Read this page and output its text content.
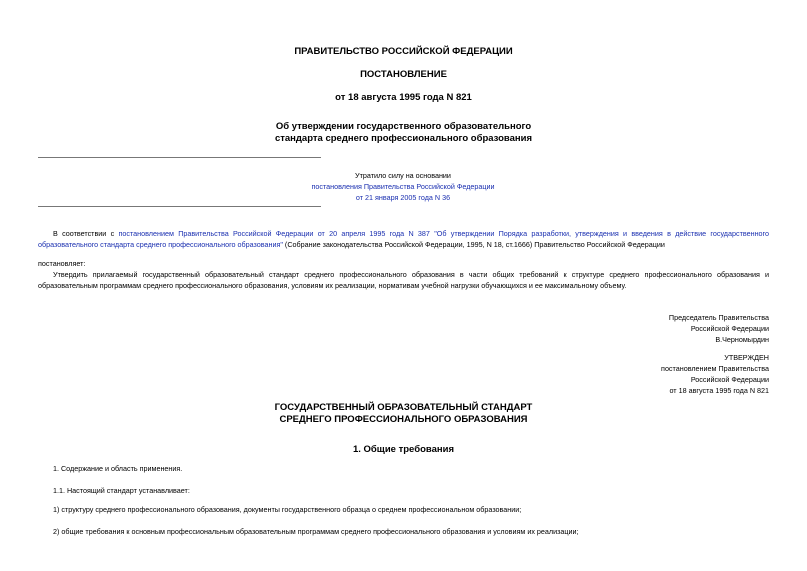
ПРАВИТЕЛЬСТВО РОССИЙСКОЙ ФЕДЕРАЦИИ
ПОСТАНОВЛЕНИЕ
от 18 августа 1995 года N 821
Об утверждении государственного образовательного
стандарта среднего профессионального образования
Утратило силу на основании
постановления Правительства Российской Федерации
от 21 января 2005 года N 36
В соответствии с постановлением Правительства Российской Федерации от 20 апреля 1995 года N 387 "Об утверждении Порядка разработки, утверждения и введения в действие государственного образовательного стандарта среднего профессионального образования" (Собрание законодательства Российской Федерации, 1995, N 18, ст.1666) Правительство Российской Федерации
постановляет:
Утвердить прилагаемый государственный образовательный стандарт среднего профессионального образования в части общих требований к структуре среднего профессионального образования и образовательным программам среднего профессионального образования, условиям их реализации, нормативам учебной нагрузки обучающихся и ее максимальному объему.
Председатель Правительства
Российской Федерации
В.Черномырдин
УТВЕРЖДЕН
постановлением Правительства
Российской Федерации
от 18 августа 1995 года N 821
ГОСУДАРСТВЕННЫЙ ОБРАЗОВАТЕЛЬНЫЙ СТАНДАРТ
СРЕДНЕГО ПРОФЕССИОНАЛЬНОГО ОБРАЗОВАНИЯ
1. Общие требования
1. Содержание и область применения.
1.1. Настоящий стандарт устанавливает:
1) структуру среднего профессионального образования, документы государственного образца о среднем профессиональном образовании;
2) общие требования к основным профессиональным образовательным программам среднего профессионального образования и условиям их реализации;
